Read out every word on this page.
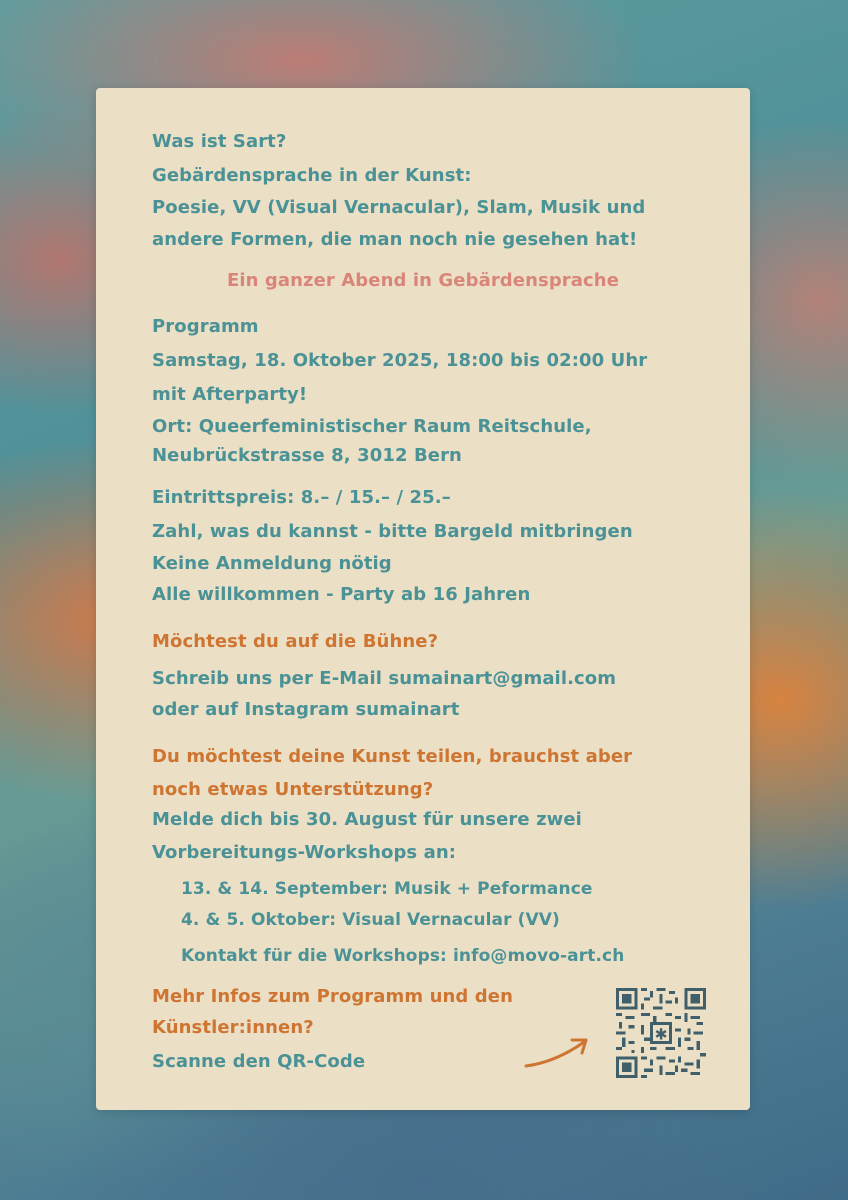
Was ist Sart?

Gebärdensprache in der Kunst:

Poesie, VV (Visual Vernacular), Slam, Musik und

andere Formen, die man noch nie gesehen hat!

Ein ganzer Abend in Gebärdensprache

Programm

Samstag, 18. Oktober 2025, 18:00 bis 02:00 Uhr

mit Afterparty!

Ort: Queerfeministischer Raum Reitschule,

Neubrückstrasse 8, 3012 Bern

Eintrittspreis: 8.– / 15.– / 25.–

Zahl, was du kannst - bitte Bargeld mitbringen

Keine Anmeldung nötig

Alle willkommen - Party ab 16 Jahren

Möchtest du auf die Bühne?

Schreib uns per E-Mail sumainart@gmail.com

oder auf Instagram sumainart

Du möchtest deine Kunst teilen, brauchst aber

noch etwas Unterstützung?

Melde dich bis 30. August für unsere zwei

Vorbereitungs-Workshops an:

13. & 14. September: Musik + Peformance

4. & 5. Oktober: Visual Vernacular (VV)

Kontakt für die Workshops: info@movo-art.ch

Mehr Infos zum Programm und den

Künstler:innen?

Scanne den QR-Code

✱
